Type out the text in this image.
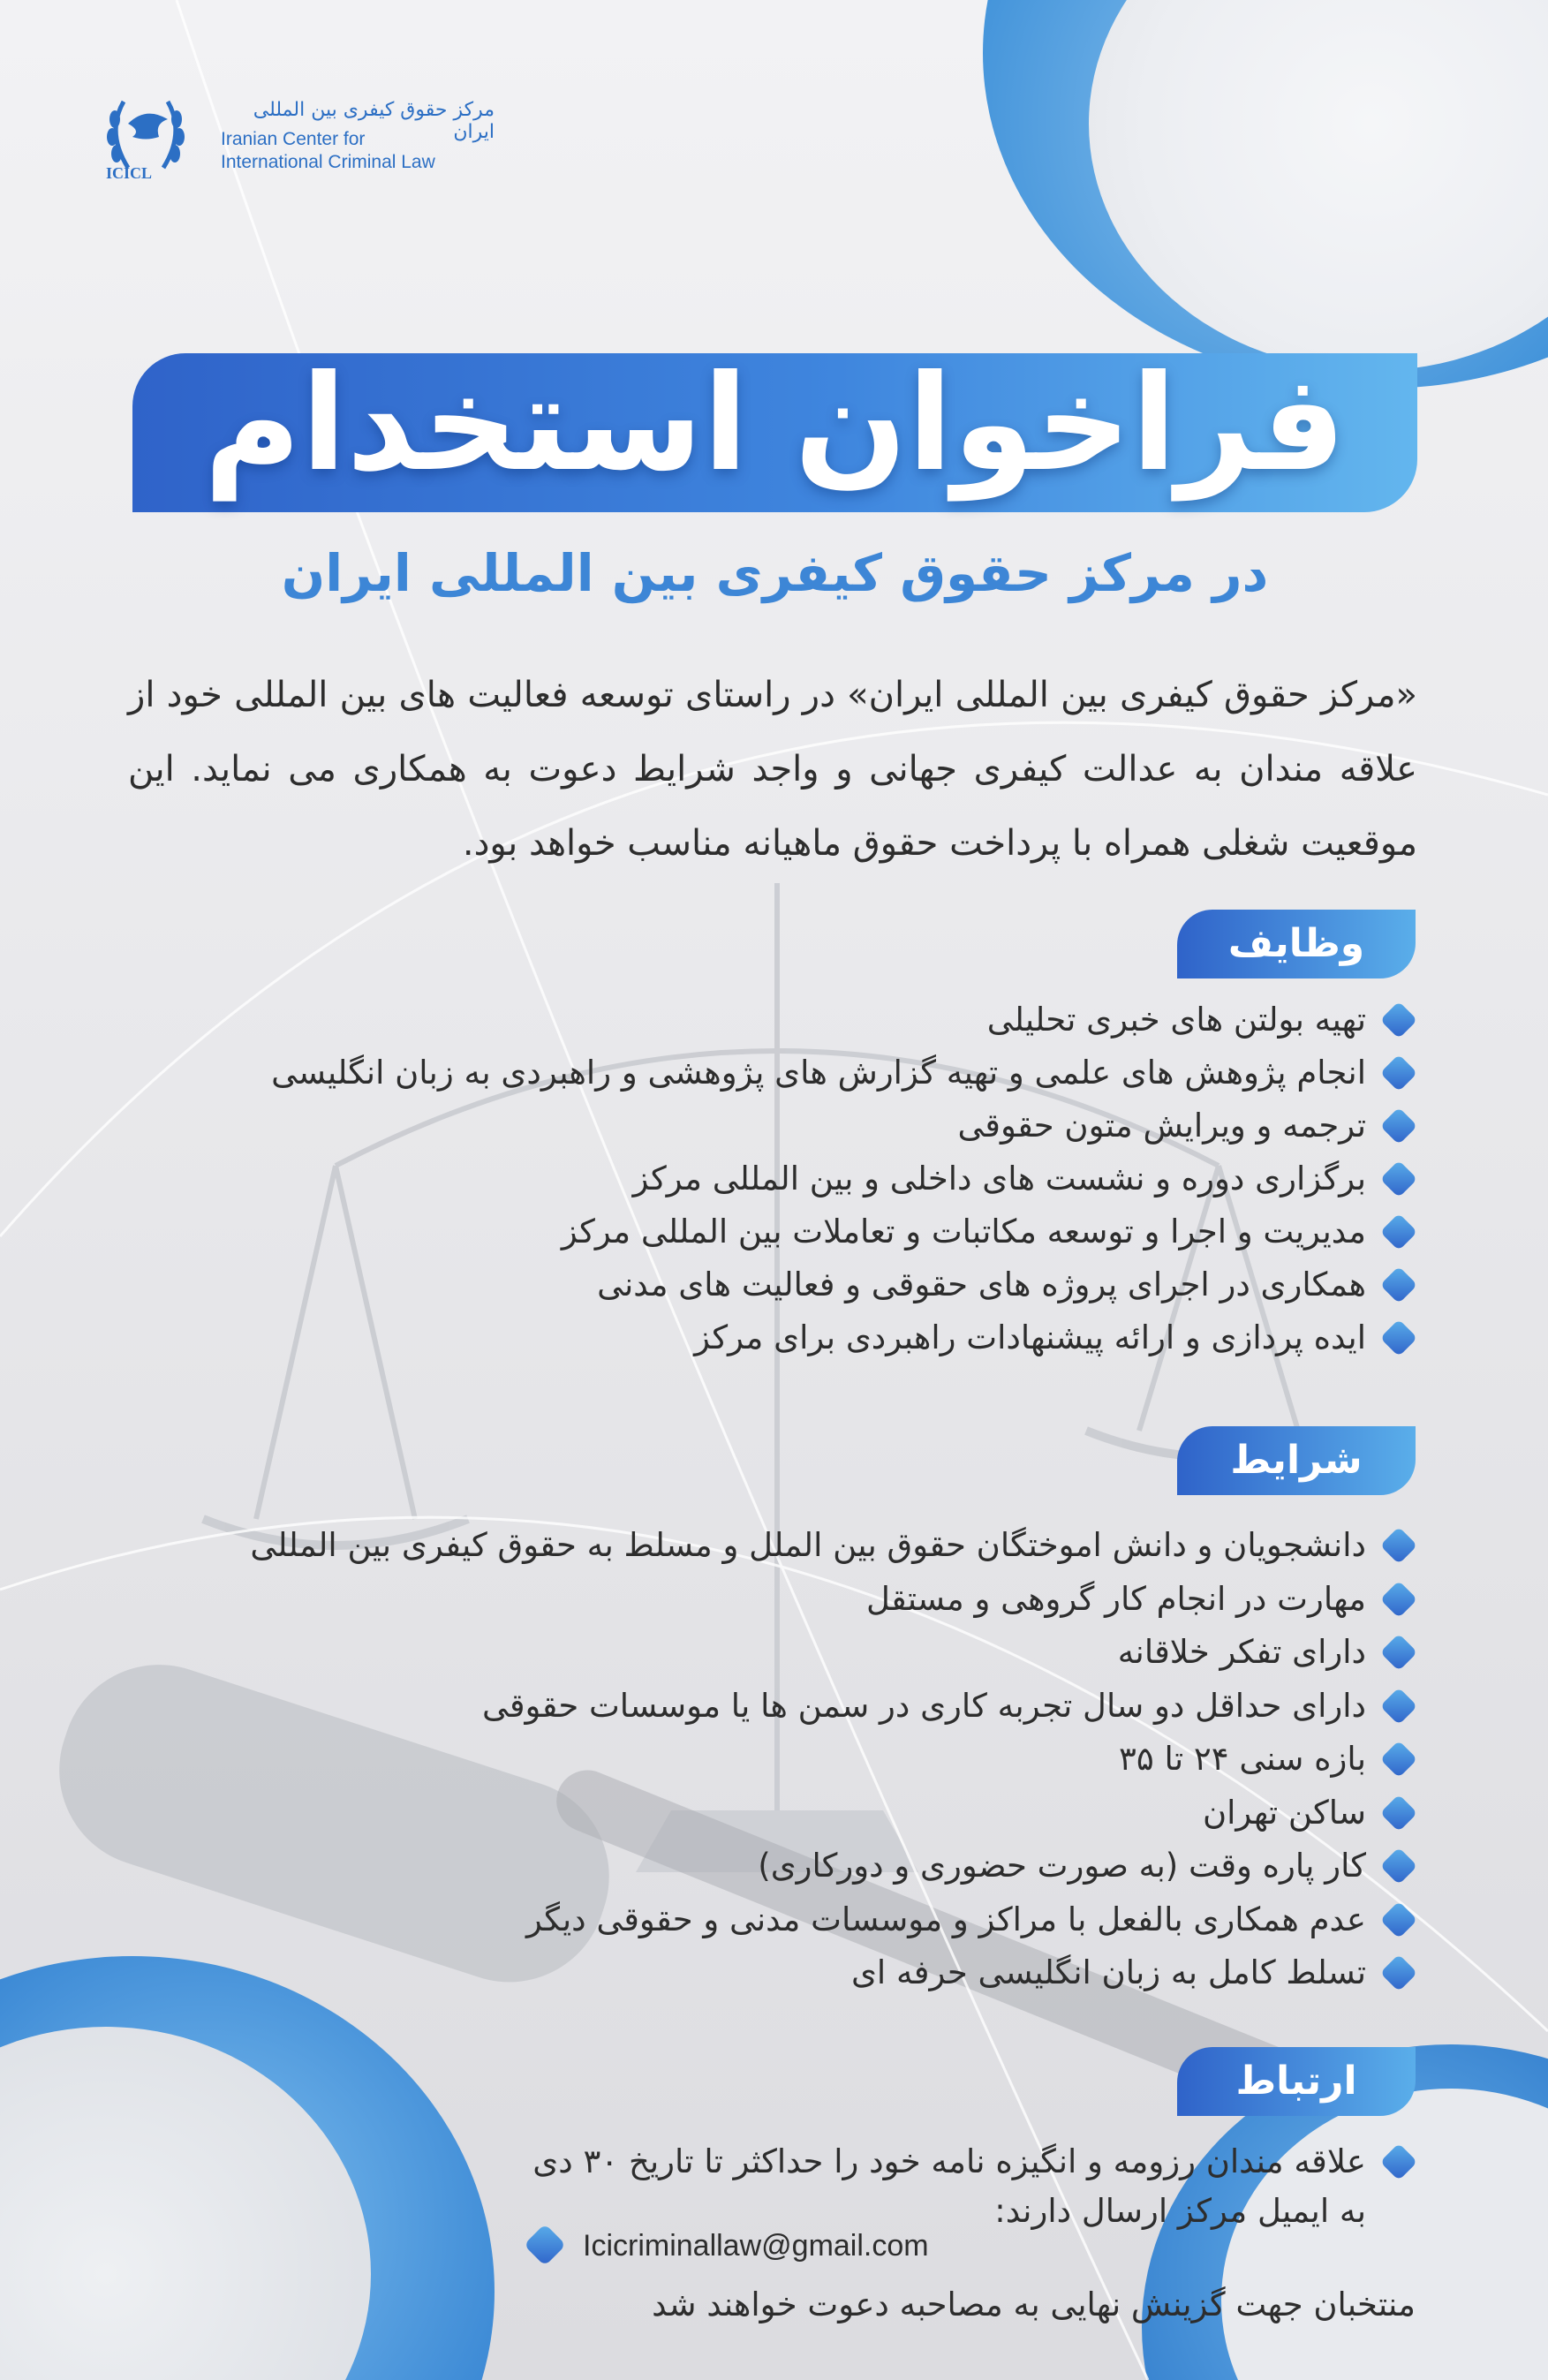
ICICL
مرکز حقوق کیفری بین المللی ایران
Iranian Center for
International Criminal Law
فراخوان استخدام
در مرکز حقوق کیفری بین المللی ایران
«مرکز حقوق کیفری بین المللی ایران» در راستای توسعه فعالیت های بین المللی خود از علاقه مندان به عدالت کیفری جهانی و واجد شرایط دعوت به همکاری می نماید. این موقعیت شغلی همراه با پرداخت حقوق ماهیانه مناسب خواهد بود.
وظایف
تهیه بولتن های خبری تحلیلی
انجام پژوهش های علمی و تهیه گزارش های پژوهشی و راهبردی به زبان انگلیسی
ترجمه و ویرایش متون حقوقی
برگزاری دوره و نشست های داخلی و بین المللی مرکز
مدیریت و اجرا و توسعه مکاتبات و تعاملات بین المللی مرکز
همکاری در اجرای پروژه های حقوقی و فعالیت های مدنی
ایده پردازی و ارائه پیشنهادات راهبردی برای مرکز
شرایط
دانشجویان و دانش اموختگان حقوق بین الملل و مسلط به حقوق کیفری بین المللی
مهارت در انجام کار گروهی و مستقل
دارای تفکر خلاقانه
دارای حداقل دو سال تجربه کاری در سمن ها یا موسسات حقوقی
بازه سنی ۲۴ تا ۳۵
ساکن تهران
کار پاره وقت (به صورت حضوری و دورکاری)
عدم همکاری بالفعل با مراکز و موسسات مدنی و حقوقی دیگر
تسلط کامل به زبان انگلیسی حرفه ای
ارتباط
علاقه مندان رزومه و انگیزه نامه خود را حداکثر تا تاریخ ۳۰ دی
به ایمیل مرکز ارسال دارند:
Icicriminallaw@gmail.com
منتخبان جهت گزینش نهایی به مصاحبه دعوت خواهند شد
